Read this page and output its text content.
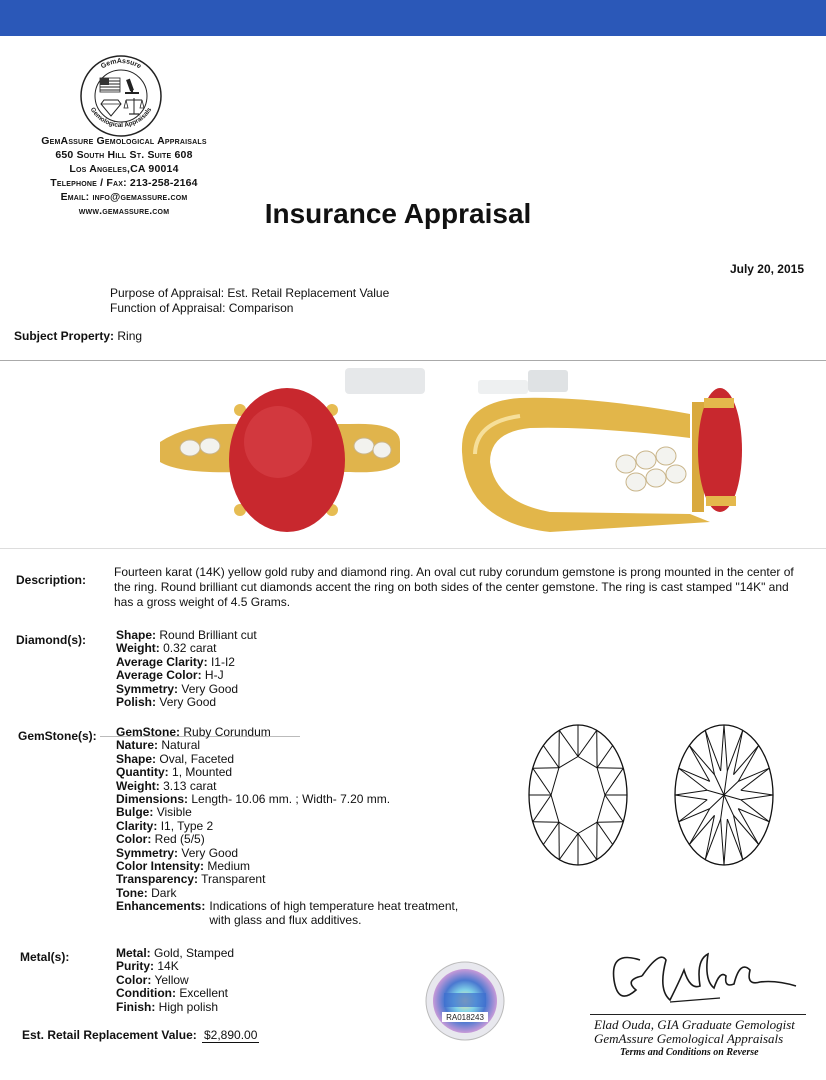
GemAssure
Gemological Appraisals
GemAssure Gemological Appraisals
650 South Hill St. Suite 608
Los Angeles,CA 90014
Telephone / Fax: 213-258-2164
Email: info@gemassure.com
www.gemassure.com	Insurance Appraisal
July 20, 2015
Purpose of Appraisal: Est. Retail Replacement Value
Function of Appraisal: Comparison
Subject Property: Ring
Description:
Fourteen karat (14K) yellow gold ruby and diamond ring. An oval cut ruby corundum gemstone is prong mounted in the center of the ring. Round brilliant cut diamonds accent the ring on both sides of the center gemstone. The ring is cast stamped "14K" and has a gross weight of 4.5 Grams.
Diamond(s):	Shape: Round Brilliant cut
Weight: 0.32 carat
Average Clarity: I1-I2
Average Color: H-J
Symmetry: Very Good
Polish: Very Good
GemStone(s): GemStone: Ruby Corundum
Nature: Natural
Shape: Oval, Faceted
Quantity: 1, Mounted
Weight: 3.13 carat
Dimensions: Length- 10.06 mm. ; Width- 7.20 mm.
Bulge: Visible
Clarity: I1, Type 2
Color: Red (5/5)
Symmetry: Very Good
Color Intensity: Medium
Transparency: Transparent
Tone: Dark
Enhancements: Indications of high temperature heat treatment,
with glass and flux additives.
Metal(s):	Metal: Gold, Stamped
Purity: 14K
Color: Yellow
Condition: Excellent
Finish: High polish
RA018243	Elad Ouda, GIA Graduate Gemologist
GemAssure Gemological Appraisals
Terms and Conditions on Reverse
Est. Retail Replacement Value: $2,890.00
